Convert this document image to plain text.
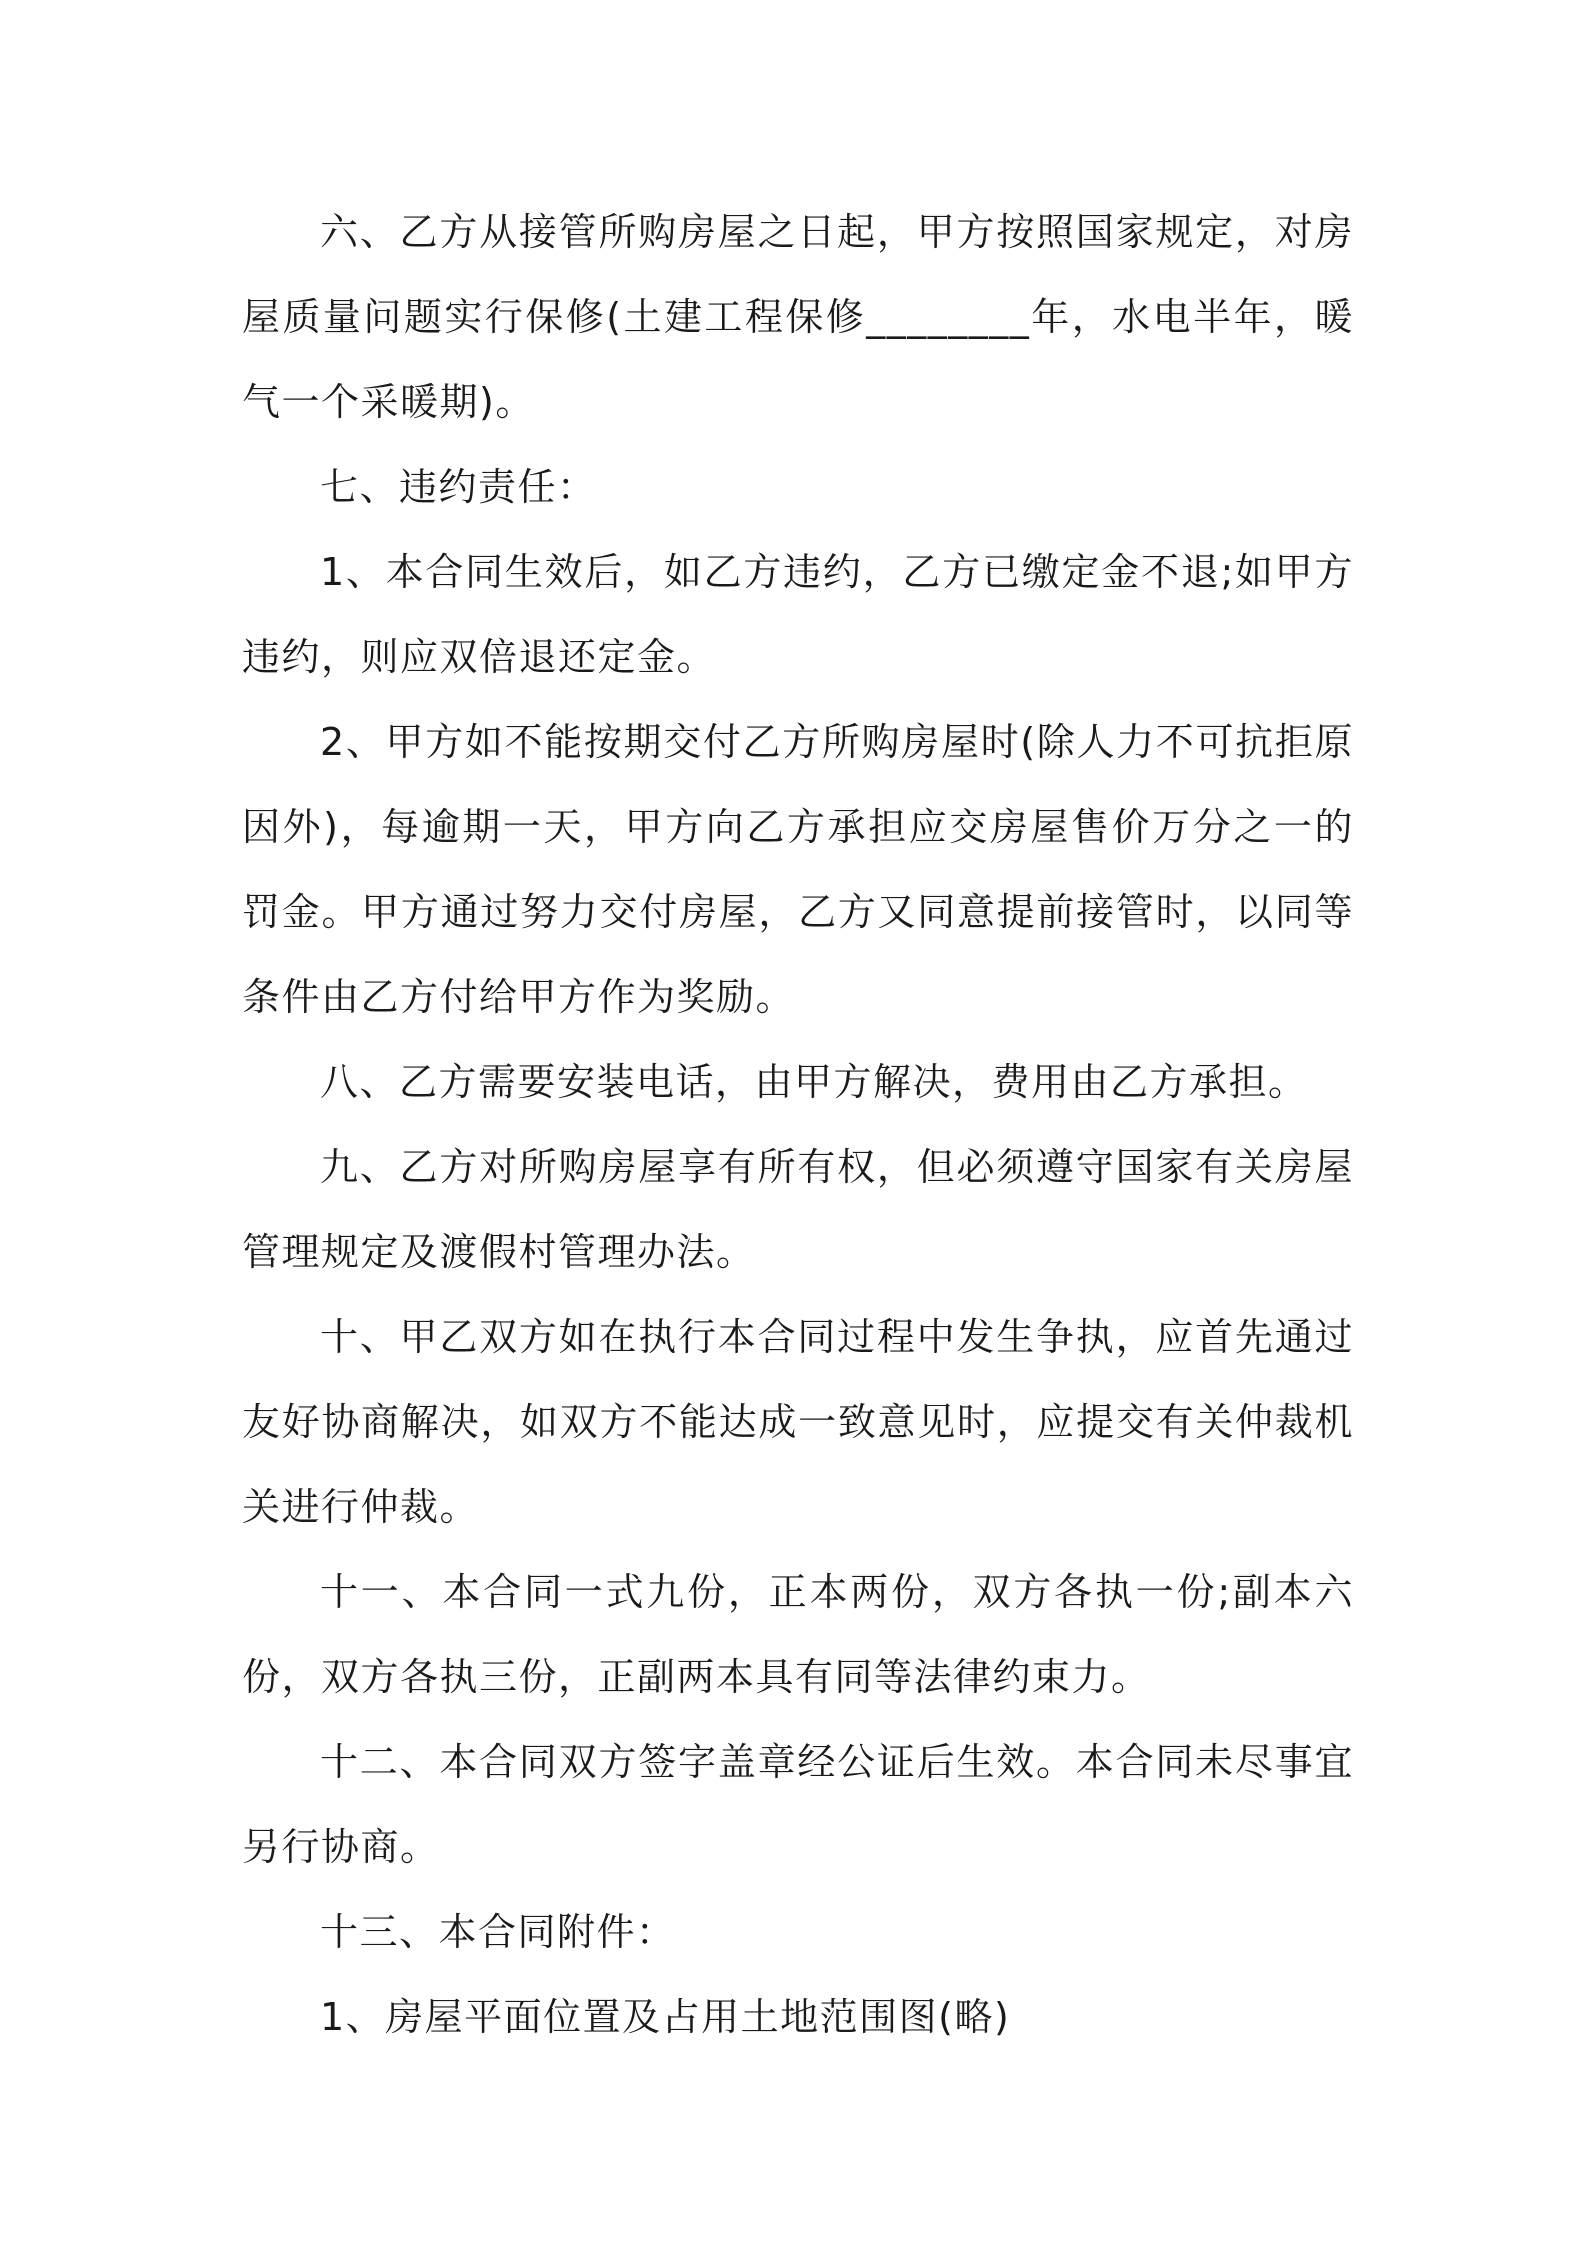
六、乙方从接管所购房屋之日起，甲方按照国家规定，对房屋质量问题实行保修(土建工程保修________年，水电半年，暖气一个采暖期)。

七、违约责任：

1、本合同生效后，如乙方违约，乙方已缴定金不退;如甲方违约，则应双倍退还定金。

2、甲方如不能按期交付乙方所购房屋时(除人力不可抗拒原因外)，每逾期一天，甲方向乙方承担应交房屋售价万分之一的罚金。甲方通过努力交付房屋，乙方又同意提前接管时，以同等条件由乙方付给甲方作为奖励。

八、乙方需要安装电话，由甲方解决，费用由乙方承担。

九、乙方对所购房屋享有所有权，但必须遵守国家有关房屋管理规定及渡假村管理办法。

十、甲乙双方如在执行本合同过程中发生争执，应首先通过友好协商解决，如双方不能达成一致意见时，应提交有关仲裁机关进行仲裁。

十一、本合同一式九份，正本两份，双方各执一份;副本六份，双方各执三份，正副两本具有同等法律约束力。

十二、本合同双方签字盖章经公证后生效。本合同未尽事宜另行协商。

十三、本合同附件：

1、房屋平面位置及占用土地范围图(略)
